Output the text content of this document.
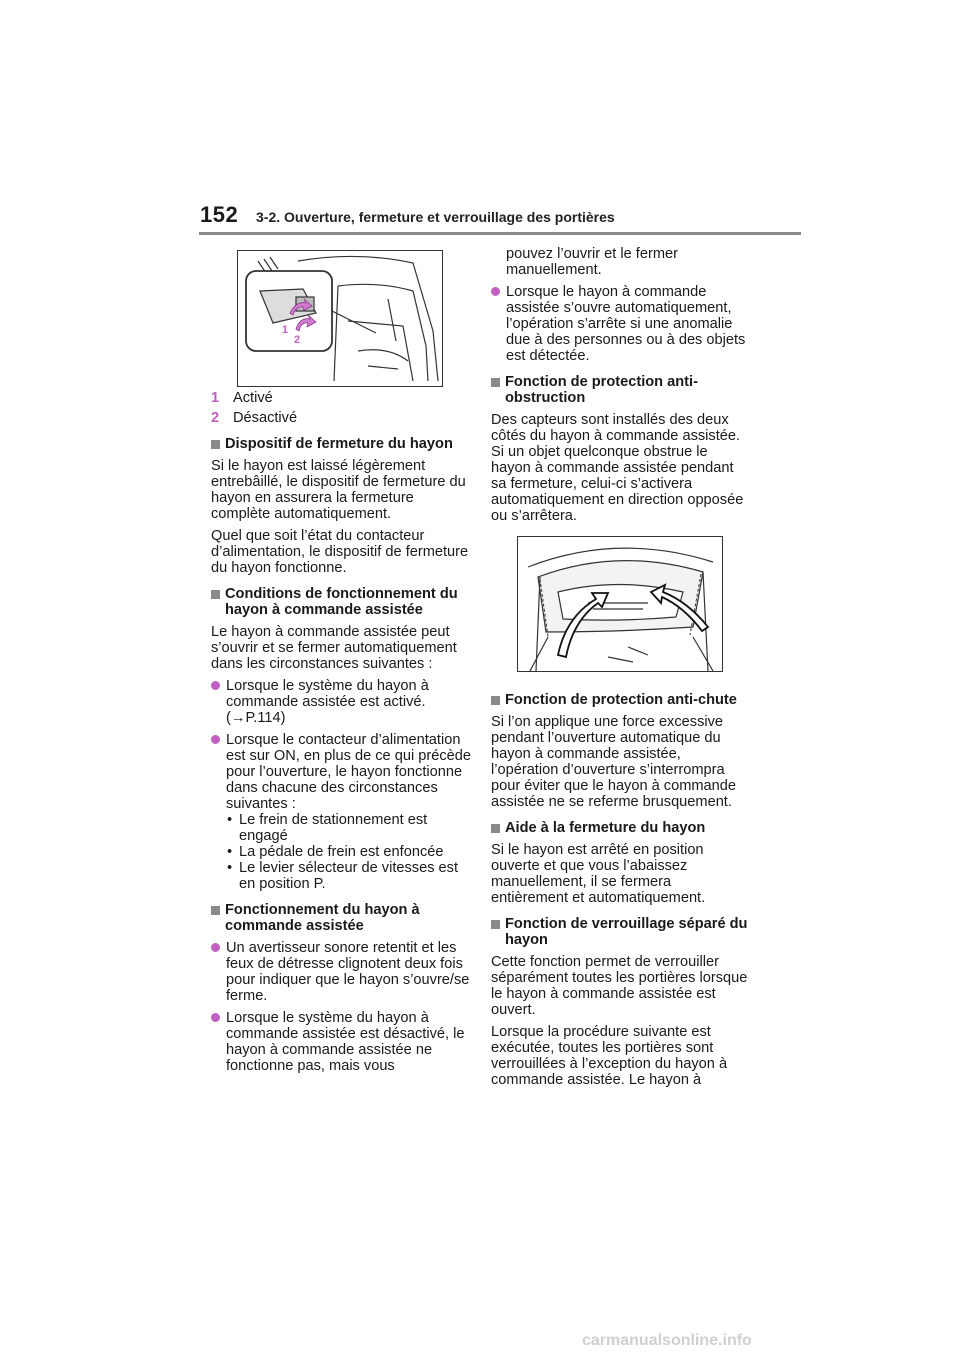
152 3-2. Ouverture, fermeture et verrouillage des portières
1
2
1 Activé
2 Désactivé
Dispositif de fermeture du hayon

Si le hayon est laissé légèrement entrebâillé, le dispositif de fermeture du hayon en assurera la fermeture complète automatiquement.

Quel que soit l’état du contacteur d’alimentation, le dispositif de fermeture du hayon fonctionne.

Conditions de fonctionnement du hayon à commande assistée

Le hayon à commande assistée peut s’ouvrir et se fermer automatiquement dans les circonstances suivantes :

Lorsque le système du hayon à commande assistée est activé. (→P.114)
Lorsque le contacteur d’alimentation est sur ON, en plus de ce qui précède pour l’ouverture, le hayon fonctionne dans chacune des circonstances suivantes :
• Le frein de stationnement est engagé
• La pédale de frein est enfoncée
• Le levier sélecteur de vitesses est en position P.
Fonctionnement du hayon à commande assistée
Un avertisseur sonore retentit et les feux de détresse clignotent deux fois pour indiquer que le hayon s’ouvre/se ferme.
Lorsque le système du hayon à commande assistée est désactivé, le hayon à commande assistée ne fonctionne pas, mais vous

pouvez l’ouvrir et le fermer manuellement.

Lorsque le hayon à commande assistée s’ouvre automatiquement, l’opération s’arrête si une anomalie due à des personnes ou à des objets est détectée.
Fonction de protection anti-obstruction

Des capteurs sont installés des deux côtés du hayon à commande assistée. Si un objet quelconque obstrue le hayon à commande assistée pendant sa fermeture, celui-ci s’activera automatiquement en direction opposée ou s’arrêtera.

Fonction de protection anti-chute

Si l’on applique une force excessive pendant l’ouverture automatique du hayon à commande assistée, l’opération d’ouverture s’interrompra pour éviter que le hayon à commande assistée ne se referme brusquement.

Aide à la fermeture du hayon

Si le hayon est arrêté en position ouverte et que vous l’abaissez manuellement, il se fermera entièrement et automatiquement.

Fonction de verrouillage séparé du hayon

Cette fonction permet de verrouiller séparément toutes les portières lorsque le hayon à commande assistée est ouvert.

Lorsque la procédure suivante est exécutée, toutes les portières sont verrouillées à l’exception du hayon à commande assistée. Le hayon à

carmanualsonline.info
